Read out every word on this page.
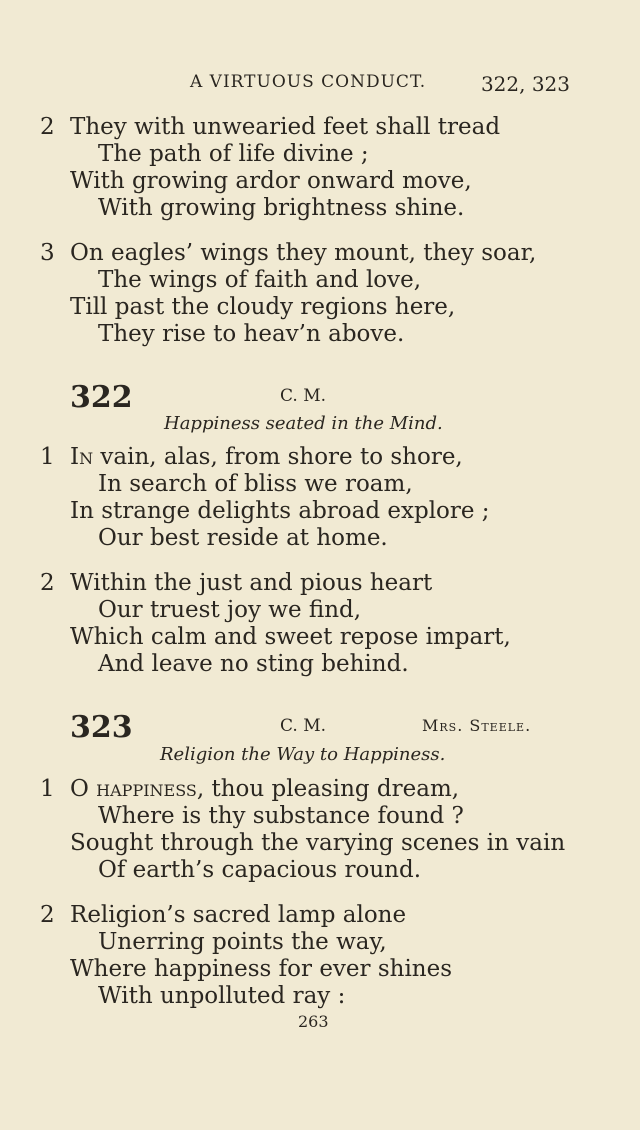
A VIRTUOUS CONDUCT.	322, 323
2 They with unwearied feet shall tread
The path of life divine ;
With growing ardor onward move,
With growing brightness shine.
3 On eagles’ wings they mount, they soar,
The wings of faith and love,
Till past the cloudy regions here,
They rise to heav’n above.
322	C. M.
Happiness seated in the Mind.
1 In vain, alas, from shore to shore,
In search of bliss we roam,
In strange delights abroad explore ;
Our best reside at home.
2 Within the just and pious heart
Our truest joy we find,
Which calm and sweet repose impart,
And leave no sting behind.
323	C. M.	Mrs. Steele.
Religion the Way to Happiness.
1 O happiness, thou pleasing dream,
Where is thy substance found ?
Sought through the varying scenes in vain
Of earth’s capacious round.
2 Religion’s sacred lamp alone
Unerring points the way,
Where happiness for ever shines
With unpolluted ray :
263
